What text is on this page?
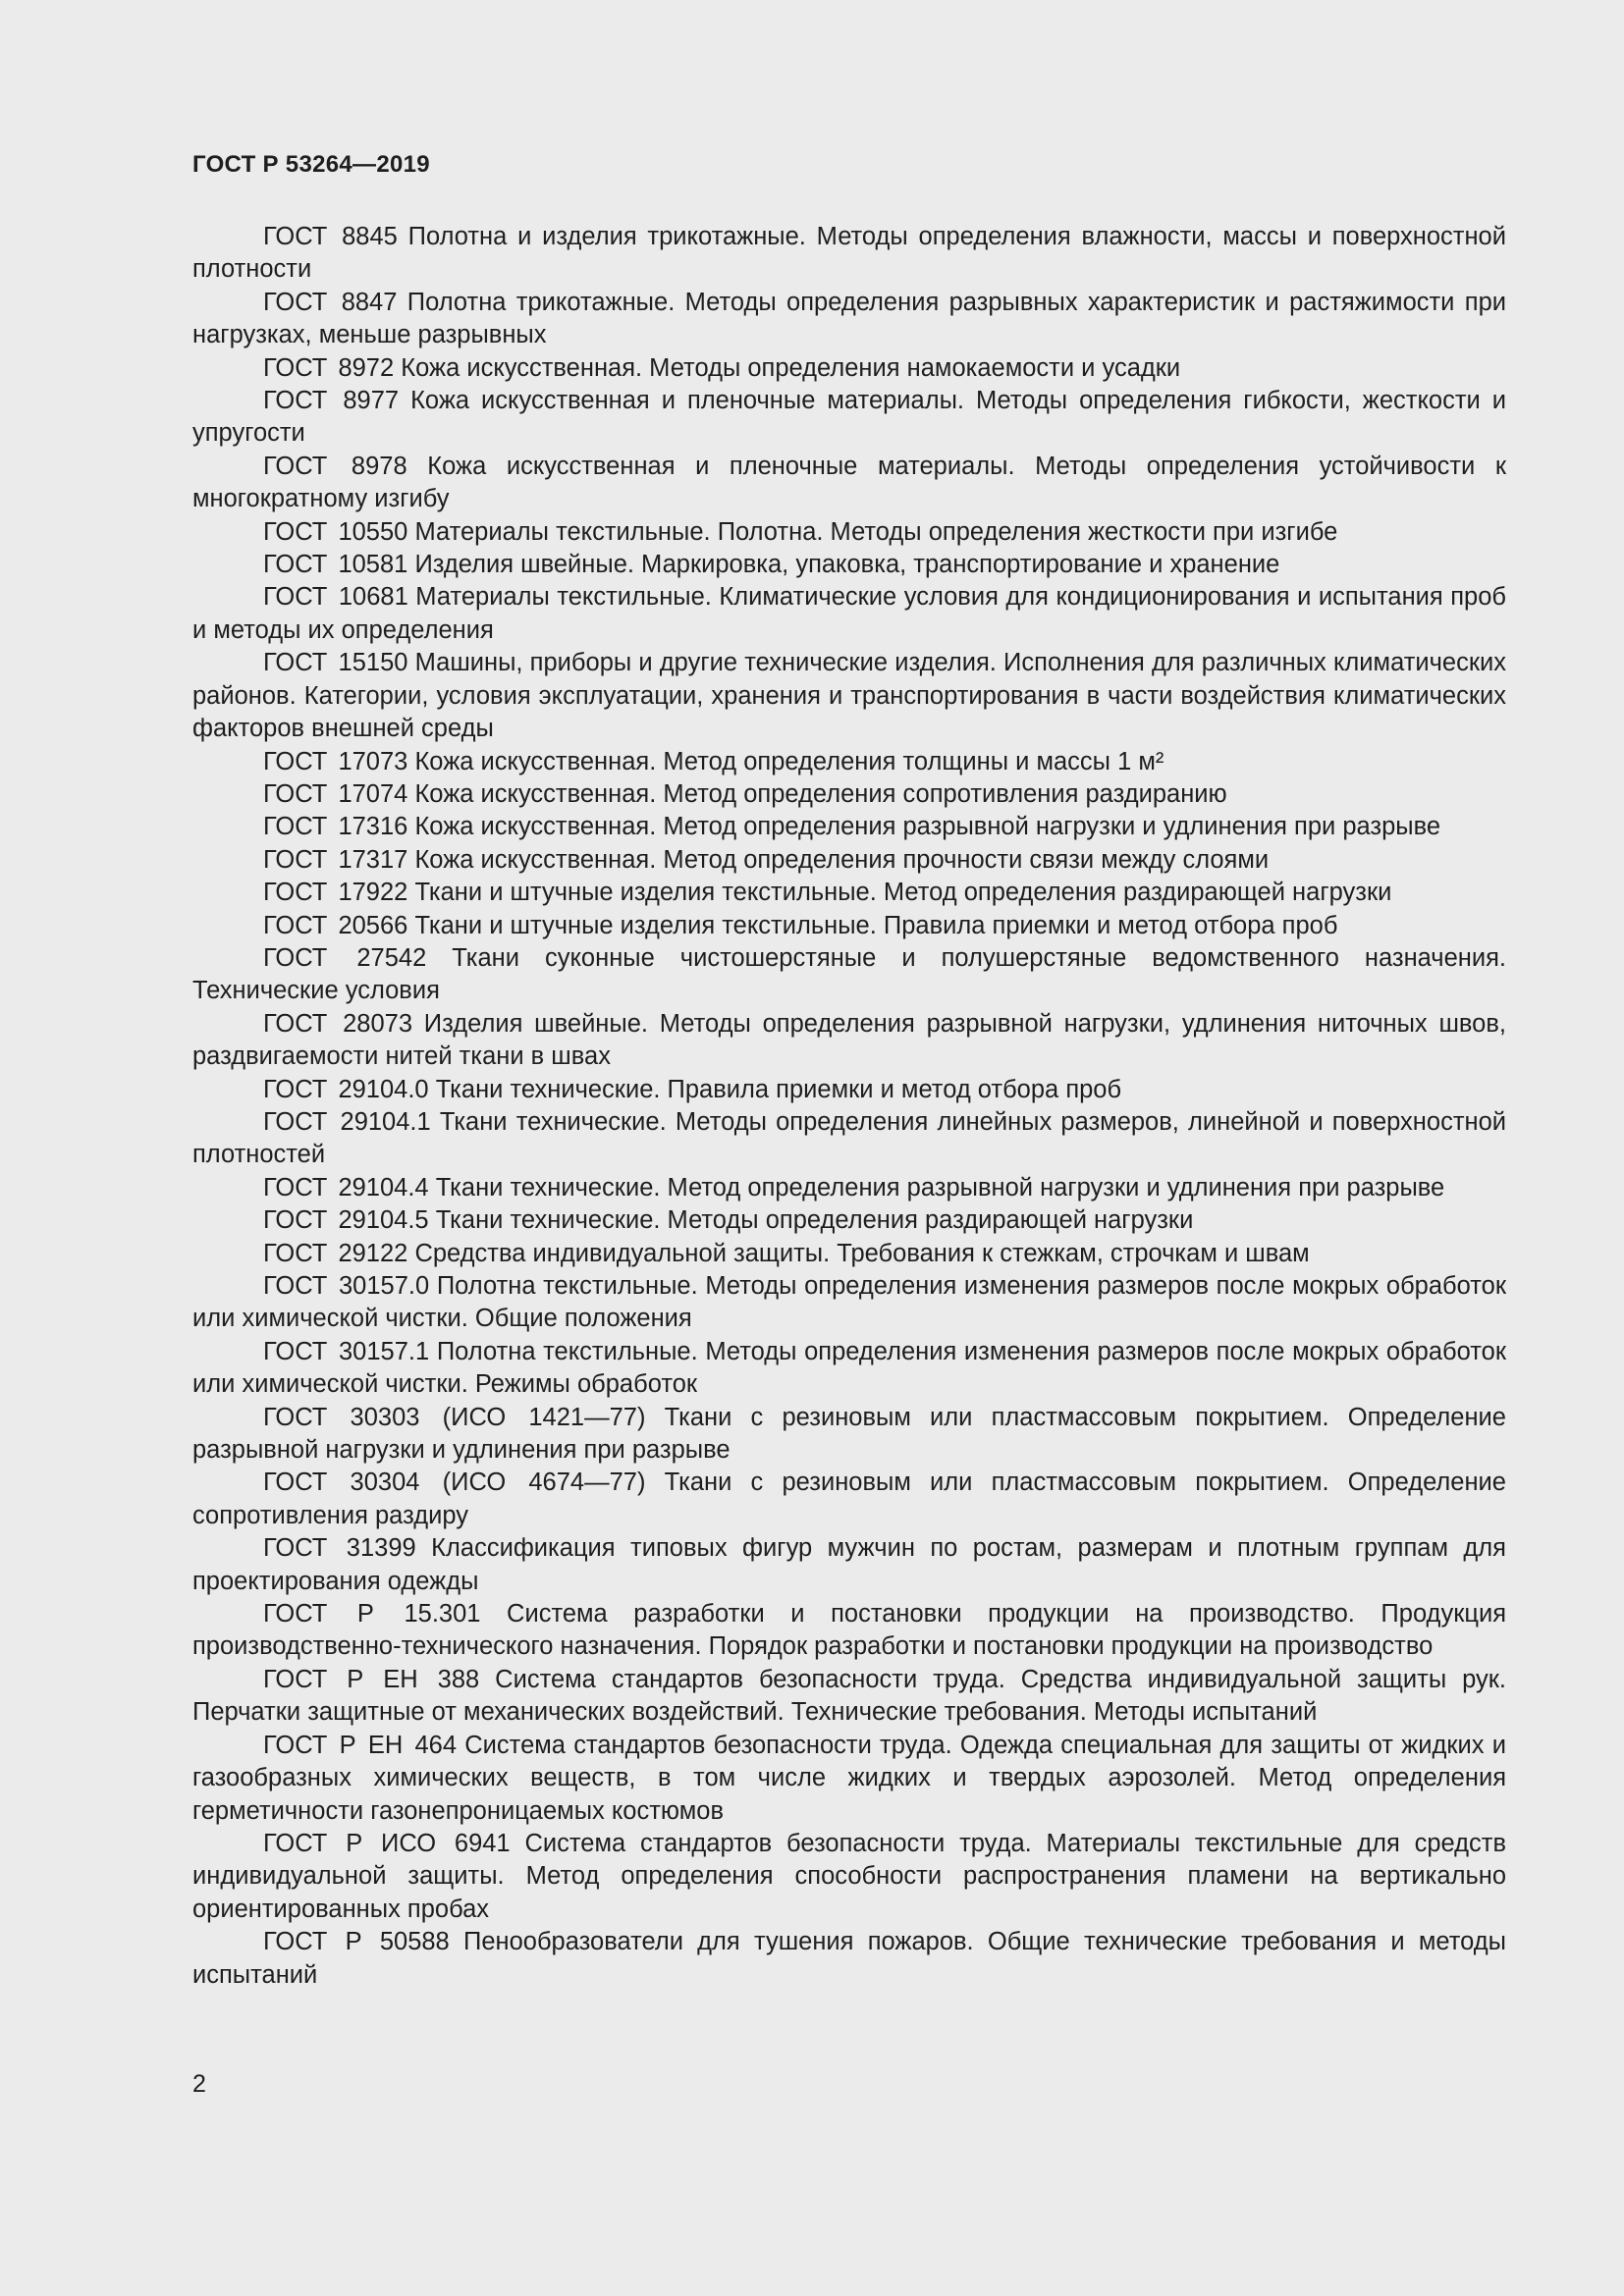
ГОСТ Р 53264—2019
ГОСТ 8845 Полотна и изделия трикотажные. Методы определения влажности, массы и поверхностной плотности
ГОСТ 8847 Полотна трикотажные. Методы определения разрывных характеристик и растяжимости при нагрузках, меньше разрывных
ГОСТ 8972 Кожа искусственная. Методы определения намокаемости и усадки
ГОСТ 8977 Кожа искусственная и пленочные материалы. Методы определения гибкости, жесткости и упругости
ГОСТ 8978 Кожа искусственная и пленочные материалы. Методы определения устойчивости к многократному изгибу
ГОСТ 10550 Материалы текстильные. Полотна. Методы определения жесткости при изгибе
ГОСТ 10581 Изделия швейные. Маркировка, упаковка, транспортирование и хранение
ГОСТ 10681 Материалы текстильные. Климатические условия для кондиционирования и испытания проб и методы их определения
ГОСТ 15150 Машины, приборы и другие технические изделия. Исполнения для различных климатических районов. Категории, условия эксплуатации, хранения и транспортирования в части воздействия климатических факторов внешней среды
ГОСТ 17073 Кожа искусственная. Метод определения толщины и массы 1 м²
ГОСТ 17074 Кожа искусственная. Метод определения сопротивления раздиранию
ГОСТ 17316 Кожа искусственная. Метод определения разрывной нагрузки и удлинения при разрыве
ГОСТ 17317 Кожа искусственная. Метод определения прочности связи между слоями
ГОСТ 17922 Ткани и штучные изделия текстильные. Метод определения раздирающей нагрузки
ГОСТ 20566 Ткани и штучные изделия текстильные. Правила приемки и метод отбора проб
ГОСТ 27542 Ткани суконные чистошерстяные и полушерстяные ведомственного назначения. Технические условия
ГОСТ 28073 Изделия швейные. Методы определения разрывной нагрузки, удлинения ниточных швов, раздвигаемости нитей ткани в швах
ГОСТ 29104.0 Ткани технические. Правила приемки и метод отбора проб
ГОСТ 29104.1 Ткани технические. Методы определения линейных размеров, линейной и поверхностной плотностей
ГОСТ 29104.4 Ткани технические. Метод определения разрывной нагрузки и удлинения при разрыве
ГОСТ 29104.5 Ткани технические. Методы определения раздирающей нагрузки
ГОСТ 29122 Средства индивидуальной защиты. Требования к стежкам, строчкам и швам
ГОСТ 30157.0 Полотна текстильные. Методы определения изменения размеров после мокрых обработок или химической чистки. Общие положения
ГОСТ 30157.1 Полотна текстильные. Методы определения изменения размеров после мокрых обработок или химической чистки. Режимы обработок
ГОСТ 30303 (ИСО 1421—77) Ткани с резиновым или пластмассовым покрытием. Определение разрывной нагрузки и удлинения при разрыве
ГОСТ 30304 (ИСО 4674—77) Ткани с резиновым или пластмассовым покрытием. Определение сопротивления раздиру
ГОСТ 31399 Классификация типовых фигур мужчин по ростам, размерам и плотным группам для проектирования одежды
ГОСТ Р 15.301 Система разработки и постановки продукции на производство. Продукция производственно-технического назначения. Порядок разработки и постановки продукции на производство
ГОСТ Р ЕН 388 Система стандартов безопасности труда. Средства индивидуальной защиты рук. Перчатки защитные от механических воздействий. Технические требования. Методы испытаний
ГОСТ Р ЕН 464 Система стандартов безопасности труда. Одежда специальная для защиты от жидких и газообразных химических веществ, в том числе жидких и твердых аэрозолей. Метод определения герметичности газонепроницаемых костюмов
ГОСТ Р ИСО 6941 Система стандартов безопасности труда. Материалы текстильные для средств индивидуальной защиты. Метод определения способности распространения пламени на вертикально ориентированных пробах
ГОСТ Р 50588 Пенообразователи для тушения пожаров. Общие технические требования и методы испытаний
2
